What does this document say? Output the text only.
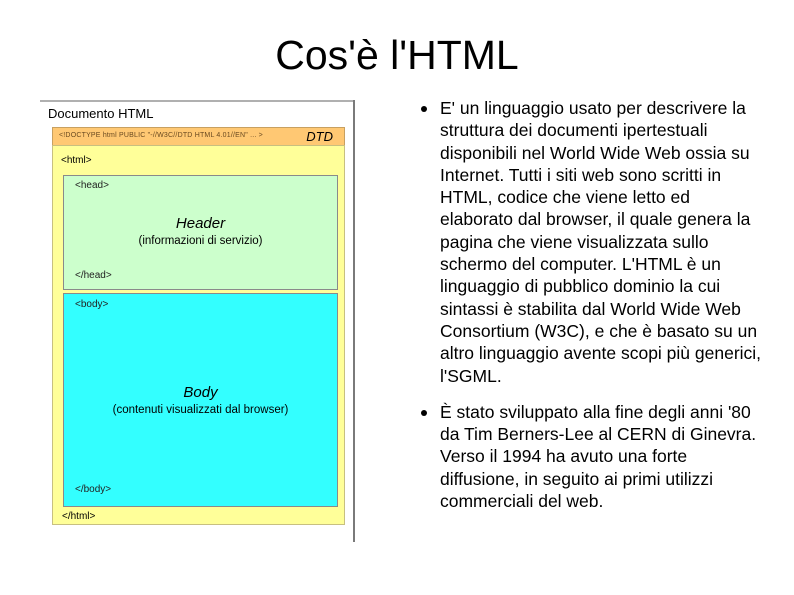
Cos'è l'HTML
Documento HTML
<!DOCTYPE html PUBLIC "-//W3C//DTD HTML 4.01//EN" ... >	DTD
<html>
<head>
Header
(informazioni di servizio)
</head>
<body>
Body
(contenuti visualizzati dal browser)
</body>
</html>
E' un linguaggio usato per descrivere la struttura dei documenti ipertestuali disponibili nel World Wide Web ossia su Internet. Tutti i siti web sono scritti in HTML, codice che viene letto ed elaborato dal browser, il quale genera la pagina che viene visualizzata sullo schermo del computer. L'HTML è un linguaggio di pubblico dominio la cui sintassi è stabilita dal World Wide Web Consortium (W3C), e che è basato su un altro linguaggio avente scopi più generici, l'SGML.
È stato sviluppato alla fine degli anni '80 da Tim Berners-Lee al CERN di Ginevra. Verso il 1994 ha avuto una forte diffusione, in seguito ai primi utilizzi commerciali del web.
